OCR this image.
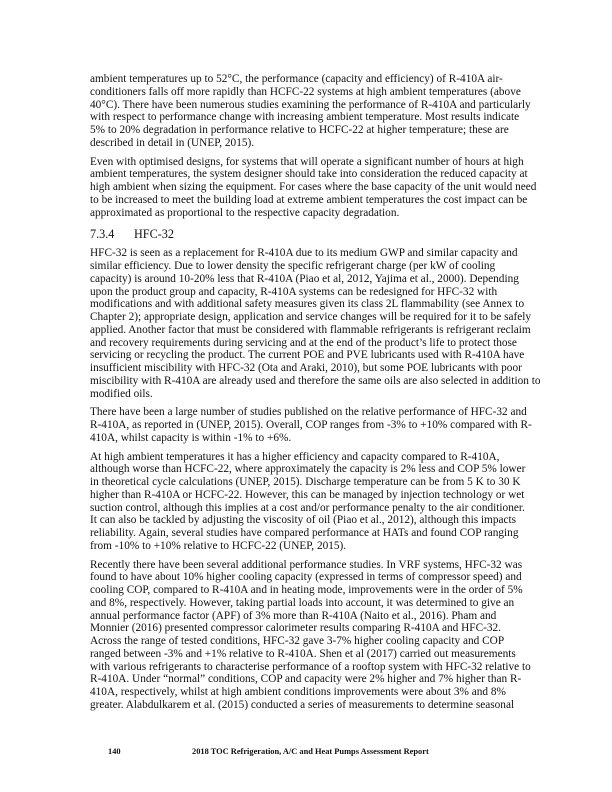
ambient temperatures up to 52°C, the performance (capacity and efficiency) of R-410A air-
conditioners falls off more rapidly than HCFC-22 systems at high ambient temperatures (above
40°C). There have been numerous studies examining the performance of R-410A and particularly
with respect to performance change with increasing ambient temperature. Most results indicate
5% to 20% degradation in performance relative to HCFC-22 at higher temperature; these are
described in detail in (UNEP, 2015).

Even with optimised designs, for systems that will operate a significant number of hours at high
ambient temperatures, the system designer should take into consideration the reduced capacity at
high ambient when sizing the equipment. For cases where the base capacity of the unit would need
to be increased to meet the building load at extreme ambient temperatures the cost impact can be
approximated as proportional to the respective capacity degradation.

7.3.4 HFC-32

HFC-32 is seen as a replacement for R-410A due to its medium GWP and similar capacity and
similar efficiency. Due to lower density the specific refrigerant charge (per kW of cooling
capacity) is around 10-20% less that R-410A (Piao et al, 2012, Yajima et al., 2000). Depending
upon the product group and capacity, R-410A systems can be redesigned for HFC-32 with
modifications and with additional safety measures given its class 2L flammability (see Annex to
Chapter 2); appropriate design, application and service changes will be required for it to be safely
applied. Another factor that must be considered with flammable refrigerants is refrigerant reclaim
and recovery requirements during servicing and at the end of the product’s life to protect those
servicing or recycling the product. The current POE and PVE lubricants used with R-410A have
insufficient miscibility with HFC-32 (Ota and Araki, 2010), but some POE lubricants with poor
miscibility with R-410A are already used and therefore the same oils are also selected in addition to
modified oils.

There have been a large number of studies published on the relative performance of HFC-32 and
R-410A, as reported in (UNEP, 2015). Overall, COP ranges from -3% to +10% compared with R-
410A, whilst capacity is within -1% to +6%.

At high ambient temperatures it has a higher efficiency and capacity compared to R-410A,
although worse than HCFC-22, where approximately the capacity is 2% less and COP 5% lower
in theoretical cycle calculations (UNEP, 2015). Discharge temperature can be from 5 K to 30 K
higher than R-410A or HCFC-22. However, this can be managed by injection technology or wet
suction control, although this implies at a cost and/or performance penalty to the air conditioner.
It can also be tackled by adjusting the viscosity of oil (Piao et al., 2012), although this impacts
reliability. Again, several studies have compared performance at HATs and found COP ranging
from -10% to +10% relative to HCFC-22 (UNEP, 2015).

Recently there have been several additional performance studies. In VRF systems, HFC-32 was
found to have about 10% higher cooling capacity (expressed in terms of compressor speed) and
cooling COP, compared to R-410A and in heating mode, improvements were in the order of 5%
and 8%, respectively. However, taking partial loads into account, it was determined to give an
annual performance factor (APF) of 3% more than R-410A (Naito et al., 2016). Pham and
Monnier (2016) presented compressor calorimeter results comparing R-410A and HFC-32.
Across the range of tested conditions, HFC-32 gave 3-7% higher cooling capacity and COP
ranged between -3% and +1% relative to R-410A. Shen et al (2017) carried out measurements
with various refrigerants to characterise performance of a rooftop system with HFC-32 relative to
R-410A. Under “normal” conditions, COP and capacity were 2% higher and 7% higher than R-
410A, respectively, whilst at high ambient conditions improvements were about 3% and 8%
greater. Alabdulkarem et al. (2015) conducted a series of measurements to determine seasonal

140	2018 TOC Refrigeration, A/C and Heat Pumps Assessment Report
